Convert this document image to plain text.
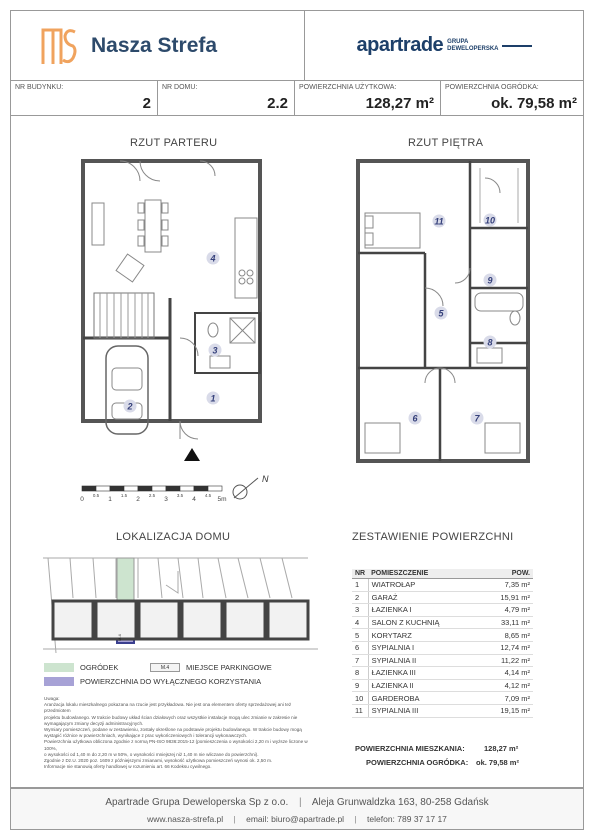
Nasza Strefa	apartrade GRUPA
DEWELOPERSKA
NR BUDYNKU:
2
NR DOMU:
2.2
POWIERZCHNIA UŻYTKOWA:
128,27 m²
POWIERZCHNIA OGRÓDKA:
ok. 79,58 m²
RZUT PARTERU	RZUT PIĘTRA
4
3
1
2
11	10
9
5
8
6	7
0
0.5
1
1.5
2
2.5
3
3.5
4
4.5
5m
N
LOKALIZACJA DOMU
M.4
OGRÓDEK	M.4	MIEJSCE PARKINGOWE
POWIERZCHNIA DO WYŁĄCZNEGO KORZYSTANIA
Uwaga:
Aranżacja lokalu mieszkalnego pokazana na rzucie jest przykładowa. Nie jest ona elementem oferty sprzedażowej ani też przedmiotem
projektu budowlanego. W trakcie budowy układ ścian działowych oraz wszystkie instalacje mogą ulec zmianie w zakresie nie
wymagającym zmiany decyzji administracyjnych.
Wymiary pomieszczeń, podane w zestawieniu, zostały określone na podstawie projektu budowlanego. W trakcie budowy mogą
wystąpić różnice w powierzchniach, wynikające z prac wykończeniowych i tolerancji wykonawczych.
Powierzchnia użytkowa obliczona zgodnie z normą PN-ISO 9836:2015-12 (pomieszczenia o wysokości 2,20 m i wyższe liczone w 100%,
o wysokości od 1,40 m do 2,20 m w 50%, o wysokości mniejszej niż 1,40 m nie wliczane do powierzchni).
Zgodnie z Dz.U. 2020 poz. 1609 z późniejszymi zmianami, wysokość użytkowa pomieszczeń wynosi ok. 2,50 m.
Informacje nie stanowią oferty handlowej w rozumieniu art. 66 Kodeksu cywilnego.
ZESTAWIENIE POWIERZCHNI
NR	POMIESZCZENIE	POW.
1	WIATROŁAP	7,35 m²
2	GARAŻ	15,91 m²
3	ŁAZIENKA I	4,79 m²
4	SALON Z KUCHNIĄ	33,11 m²
5	KORYTARZ	8,65 m²
6	SYPIALNIA I	12,74 m²
7	SYPIALNIA II	11,22 m²
8	ŁAZIENKA III	4,14 m²
9	ŁAZIENKA II	4,12 m²
10	GARDEROBA	7,09 m²
11	SYPIALNIA III	19,15 m²
POWIERZCHNIA MIESZKANIA:	128,27 m²
POWIERZCHNIA OGRÓDKA: ok. 79,58 m²
Apartrade Grupa Deweloperska Sp z o.o. | Aleja Grunwaldzka 163, 80-258 Gdańsk
www.nasza-strefa.pl | email: biuro@apartrade.pl | telefon: 789 37 17 17
